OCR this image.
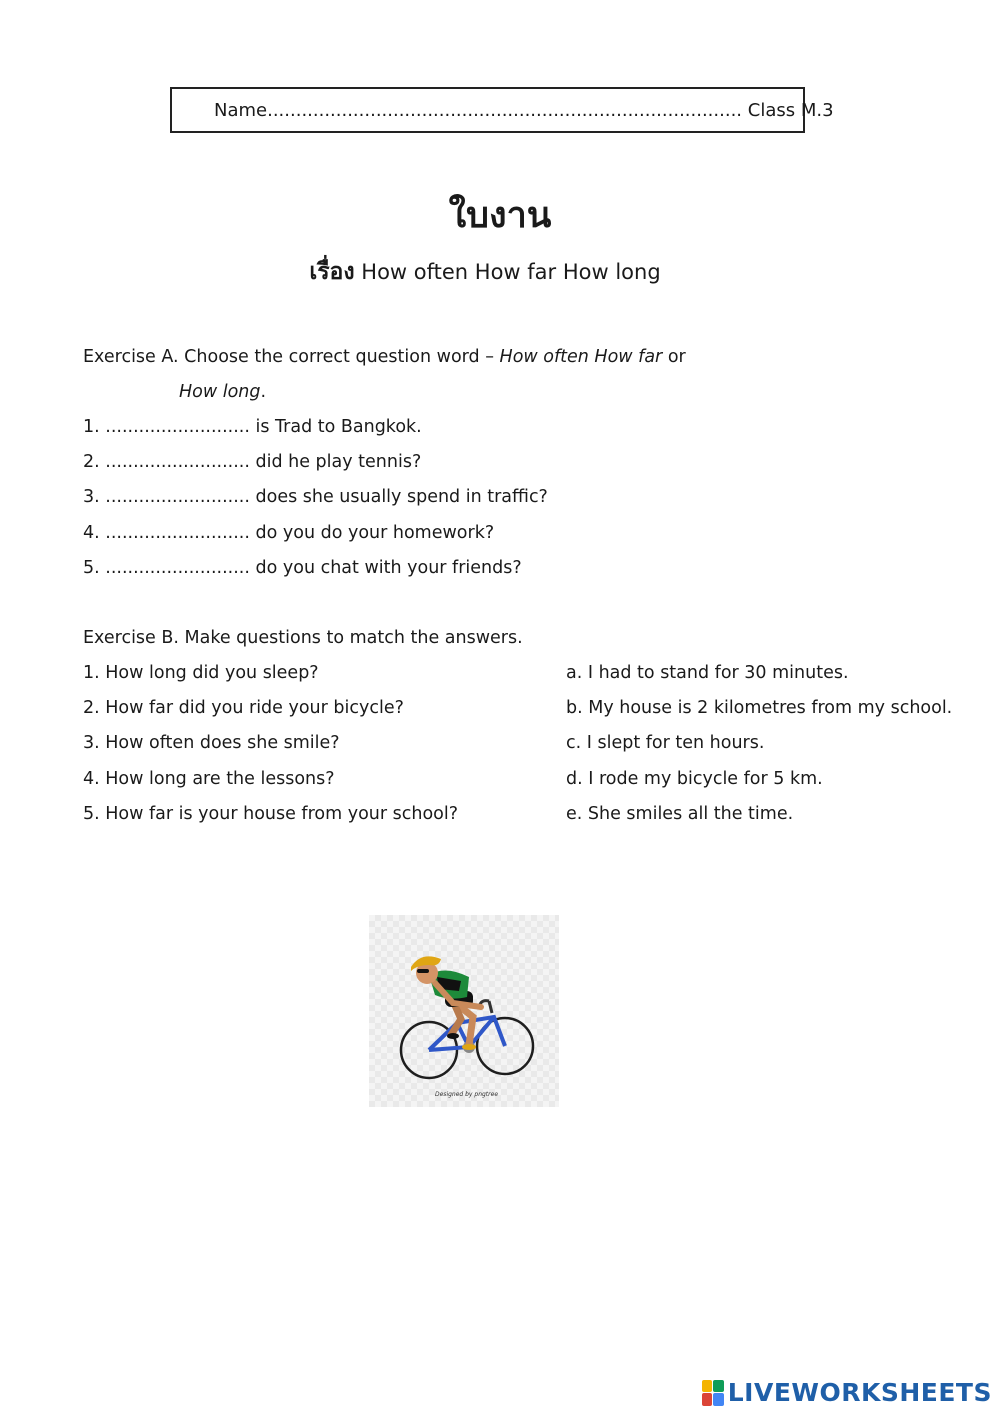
Name ...................................................................................
Class M.3
ใบงาน
เรื่อง How often How far How long
Exercise A. Choose the correct question word – How often How far or
How long.
1. .......................... is Trad to Bangkok.
2. .......................... did he play tennis?
3. .......................... does she usually spend in traffic?
4. .......................... do you do your homework?
5. .......................... do you chat with your friends?
Exercise B. Make questions to match the answers.
1. How long did you sleep?	a. I had to stand for 30 minutes.
2. How far did you ride your bicycle?	b. My house is 2 kilometres from my school.
3. How often does she smile?	c. I slept for ten hours.
4. How long are the lessons?	d. I rode my bicycle for 5 km.
5. How far is your house from your school?	e. She smiles all the time.
Designed by pngtree
LIVEWORKSHEETS
